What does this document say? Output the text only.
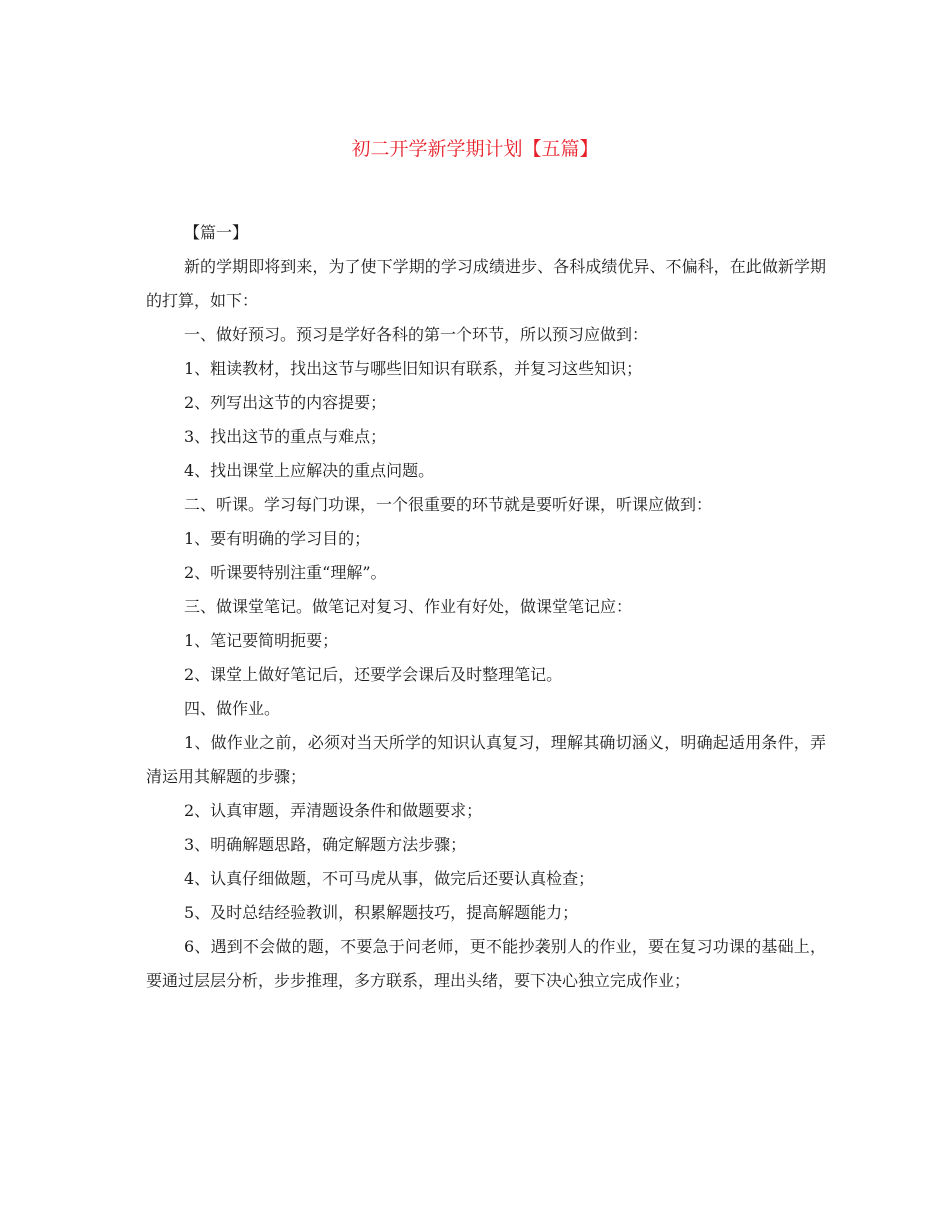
初二开学新学期计划【五篇】

【篇一】

新的学期即将到来，为了使下学期的学习成绩进步、各科成绩优异、不偏科，在此做新学期的打算，如下：

一、做好预习。预习是学好各科的第一个环节，所以预习应做到：

1、粗读教材，找出这节与哪些旧知识有联系，并复习这些知识；

2、列写出这节的内容提要；

3、找出这节的重点与难点；

4、找出课堂上应解决的重点问题。

二、听课。学习每门功课，一个很重要的环节就是要听好课，听课应做到：

1、要有明确的学习目的；

2、听课要特别注重“理解”。

三、做课堂笔记。做笔记对复习、作业有好处，做课堂笔记应：

1、笔记要简明扼要；

2、课堂上做好笔记后，还要学会课后及时整理笔记。

四、做作业。

1、做作业之前，必须对当天所学的知识认真复习，理解其确切涵义，明确起适用条件，弄清运用其解题的步骤；

2、认真审题，弄清题设条件和做题要求；

3、明确解题思路，确定解题方法步骤；

4、认真仔细做题，不可马虎从事，做完后还要认真检查；

5、及时总结经验教训，积累解题技巧，提高解题能力；

6、遇到不会做的题，不要急于问老师，更不能抄袭别人的作业，要在复习功课的基础上，要通过层层分析，步步推理，多方联系，理出头绪，要下决心独立完成作业；
